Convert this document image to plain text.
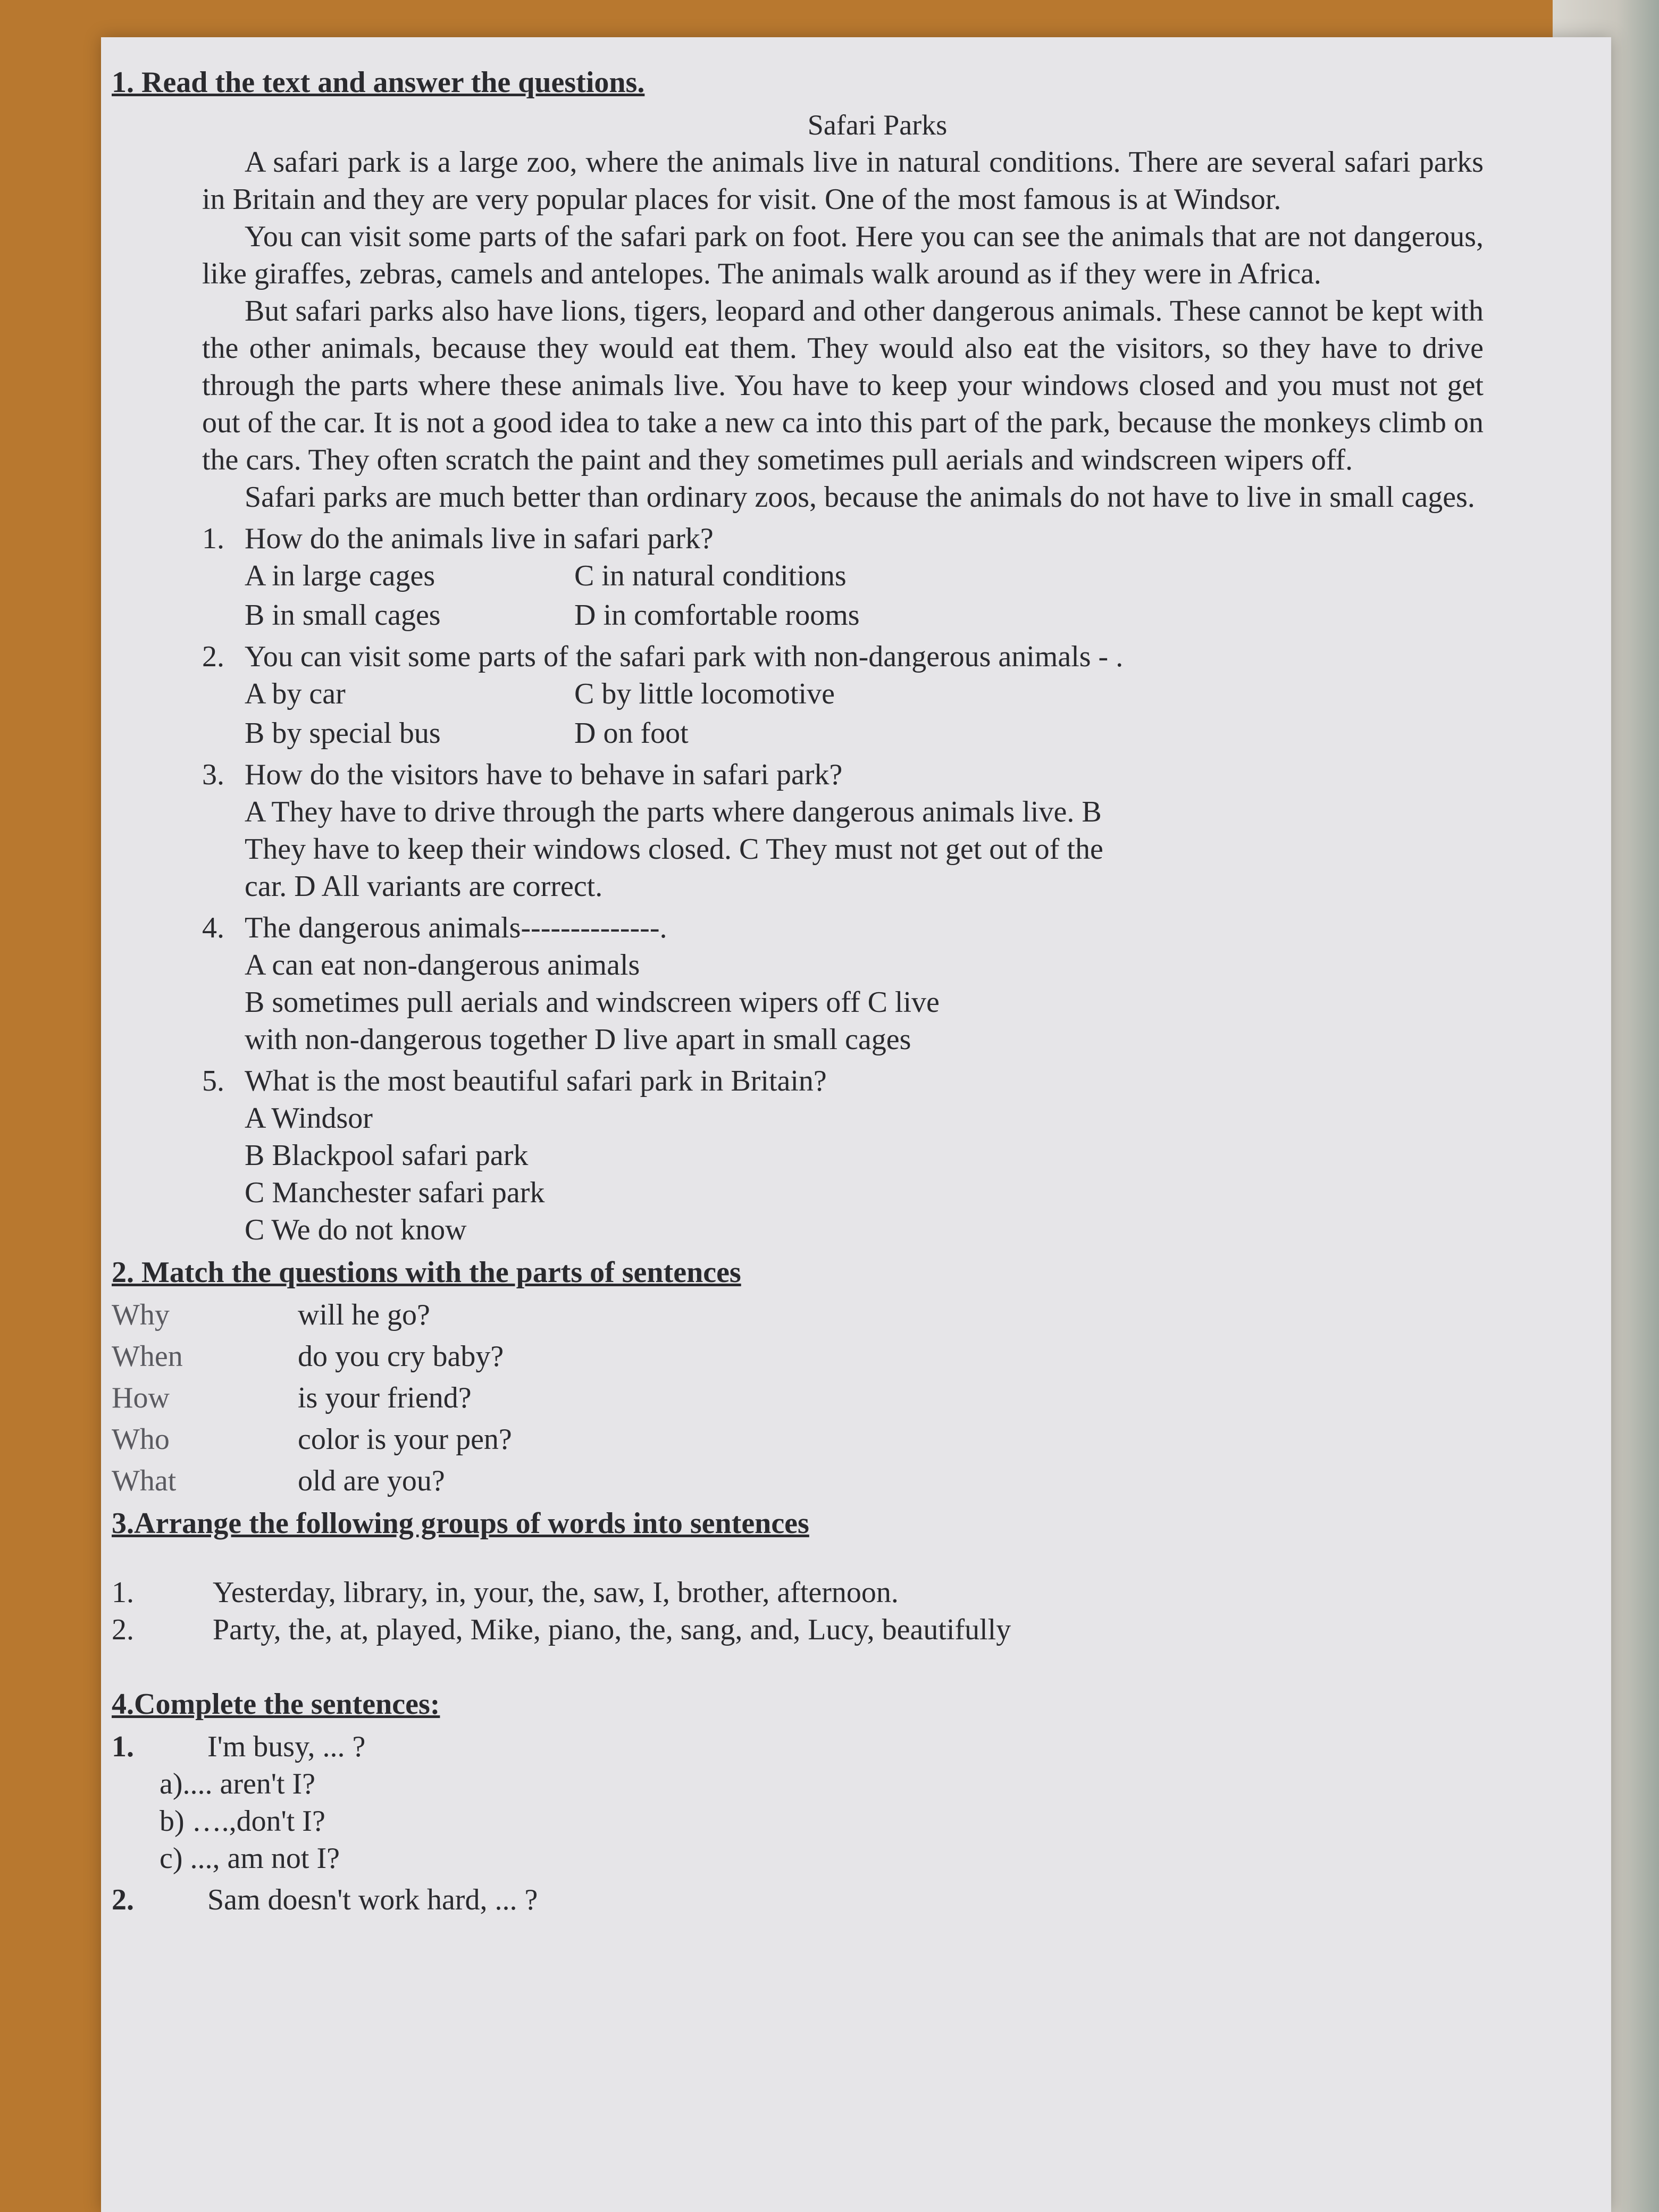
1. Read the text and answer the questions.
Safari Parks

A safari park is a large zoo, where the animals live in natural conditions. There are several safari parks in Britain and they are very popular places for visit. One of the most famous is at Windsor.

You can visit some parts of the safari park on foot. Here you can see the animals that are not dangerous, like giraffes, zebras, camels and antelopes. The animals walk around as if they were in Africa.

But safari parks also have lions, tigers, leopard and other dangerous animals. These cannot be kept with the other animals, because they would eat them. They would also eat the visitors, so they have to drive through the parts where these animals live. You have to keep your windows closed and you must not get out of the car. It is not a good idea to take a new ca into this part of the park, because the monkeys climb on the cars. They often scratch the paint and they sometimes pull aerials and windscreen wipers off.

Safari parks are much better than ordinary zoos, because the animals do not have to live in small cages.

1. How do the animals live in safari park?
A in large cages	C in natural conditions
B in small cages	D in comfortable rooms
2. You can visit some parts of the safari park with non-dangerous animals - .
A by car	C by little locomotive
B by special bus	D on foot
3. How do the visitors have to behave in safari park?
A They have to drive through the parts where dangerous animals live. B
They have to keep their windows closed. C They must not get out of the
car. D All variants are correct.
4. The dangerous animals--------------.
A can eat non-dangerous animals
B sometimes pull aerials and windscreen wipers off C live
with non-dangerous together D live apart in small cages
5. What is the most beautiful safari park in Britain?
A Windsor
B Blackpool safari park
C Manchester safari park
C We do not know
2. Match the questions with the parts of sentences
Why	will he go?
When	do you cry baby?
How	is your friend?
Who	color is your pen?
What	old are you?
3.Arrange the following groups of words into sentences
1.	Yesterday, library, in, your, the, saw, I, brother, afternoon.
2.	Party, the, at, played, Mike, piano, the, sang, and, Lucy, beautifully
4.Complete the sentences:
1.	I'm busy, ... ?
a).... aren't I?
b) ….,don't I?
c) ..., am not I?
2.	Sam doesn't work hard, ... ?
